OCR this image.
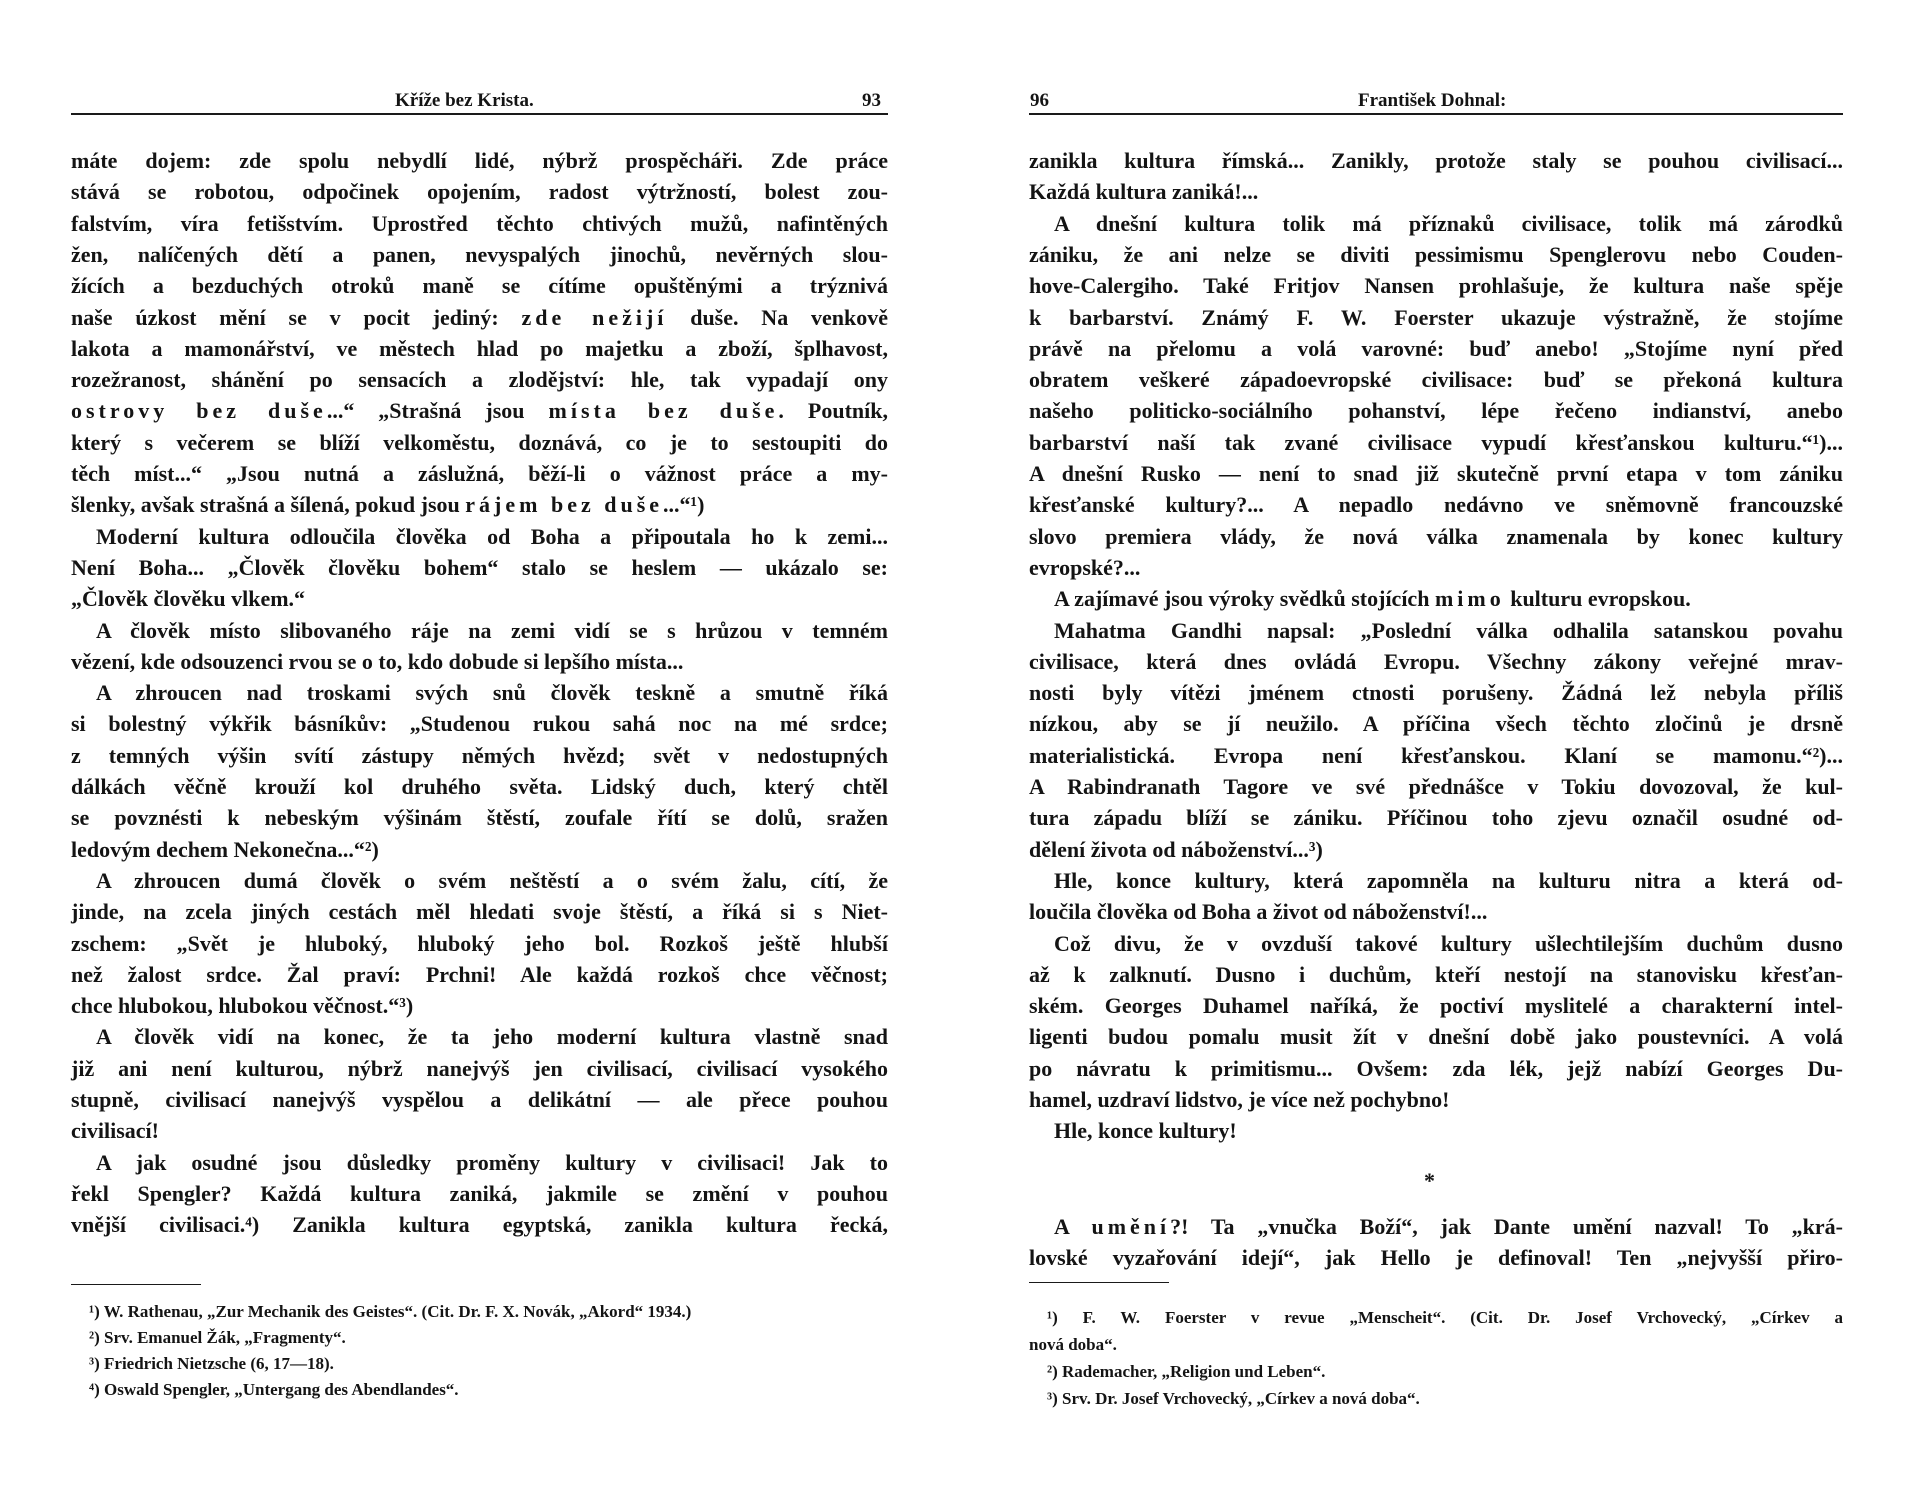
Kříže bez Krista.	93
máte dojem: zde spolu nebydlí lidé, nýbrž prospěcháři. Zde práce
stává se robotou, odpočinek opojením, radost výtržností, bolest zou-
falstvím, víra fetišstvím. Uprostřed těchto chtivých mužů, nafintěných
žen, nalíčených dětí a panen, nevyspalých jinochů, nevěrných slou-
žících a bezduchých otroků maně se cítíme opuštěnými a trýznivá
naše úzkost mění se v pocit jediný: zde nežijí duše. Na venkově
lakota a mamonářství, ve městech hlad po majetku a zboží, šplhavost,
rozežranost, shánění po sensacích a zlodějství: hle, tak vypadají ony
ostrovy bez duše...“ „Strašná jsou místa bez duše. Poutník,
který s večerem se blíží velkoměstu, doznává, co je to sestoupiti do
těch míst...“ „Jsou nutná a záslužná, běží-li o vážnost práce a my-
šlenky, avšak strašná a šílená, pokud jsou rájem bez duše...“¹)
Moderní kultura odloučila člověka od Boha a připoutala ho k zemi...
Není Boha... „Člověk člověku bohem“ stalo se heslem — ukázalo se:
„Člověk člověku vlkem.“
A člověk místo slibovaného ráje na zemi vidí se s hrůzou v temném
vězení, kde odsouzenci rvou se o to, kdo dobude si lepšího místa...
A zhroucen nad troskami svých snů člověk teskně a smutně říká
si bolestný výkřik básníkův: „Studenou rukou sahá noc na mé srdce;
z temných výšin svítí zástupy němých hvězd; svět v nedostupných
dálkách věčně krouží kol druhého světa. Lidský duch, který chtěl
se povznésti k nebeským výšinám štěstí, zoufale řítí se dolů, sražen
ledovým dechem Nekonečna...“²)
A zhroucen dumá člověk o svém neštěstí a o svém žalu, cítí, že
jinde, na zcela jiných cestách měl hledati svoje štěstí, a říká si s Niet-
zschem: „Svět je hluboký, hluboký jeho bol. Rozkoš ještě hlubší
než žalost srdce. Žal praví: Prchni! Ale každá rozkoš chce věčnost;
chce hlubokou, hlubokou věčnost.“³)
A člověk vidí na konec, že ta jeho moderní kultura vlastně snad
již ani není kulturou, nýbrž nanejvýš jen civilisací, civilisací vysokého
stupně, civilisací nanejvýš vyspělou a delikátní — ale přece pouhou
civilisací!
A jak osudné jsou důsledky proměny kultury v civilisaci! Jak to
řekl Spengler? Každá kultura zaniká, jakmile se změní v pouhou
vnější civilisaci.⁴) Zanikla kultura egyptská, zanikla kultura řecká,
¹) W. Rathenau, „Zur Mechanik des Geistes“. (Cit. Dr. F. X. Novák, „Akord“ 1934.)
²) Srv. Emanuel Žák, „Fragmenty“.
³) Friedrich Nietzsche (6, 17—18).
⁴) Oswald Spengler, „Untergang des Abendlandes“.
96	František Dohnal:
zanikla kultura římská... Zanikly, protože staly se pouhou civilisací...
Každá kultura zaniká!...
A dnešní kultura tolik má příznaků civilisace, tolik má zárodků
zániku, že ani nelze se diviti pessimismu Spenglerovu nebo Couden-
hove-Calergiho. Také Fritjov Nansen prohlašuje, že kultura naše spěje
k barbarství. Známý F. W. Foerster ukazuje výstražně, že stojíme
právě na přelomu a volá varovné: buď anebo! „Stojíme nyní před
obratem veškeré západoevropské civilisace: buď se překoná kultura
našeho politicko-sociálního pohanství, lépe řečeno indianství, anebo
barbarství naší tak zvané civilisace vypudí křesťanskou kulturu.“¹)...
A dnešní Rusko — není to snad již skutečně první etapa v tom zániku
křesťanské kultury?... A nepadlo nedávno ve sněmovně francouzské
slovo premiera vlády, že nová válka znamenala by konec kultury
evropské?...
A zajímavé jsou výroky svědků stojících mimo kulturu evropskou.
Mahatma Gandhi napsal: „Poslední válka odhalila satanskou povahu
civilisace, která dnes ovládá Evropu. Všechny zákony veřejné mrav-
nosti byly vítězi jménem ctnosti porušeny. Žádná lež nebyla příliš
nízkou, aby se jí neužilo. A příčina všech těchto zločinů je drsně
materialistická. Evropa není křesťanskou. Klaní se mamonu.“²)...
A Rabindranath Tagore ve své přednášce v Tokiu dovozoval, že kul-
tura západu blíží se zániku. Příčinou toho zjevu označil osudné od-
dělení života od náboženství...³)
Hle, konce kultury, která zapomněla na kulturu nitra a která od-
loučila člověka od Boha a život od náboženství!...
Což divu, že v ovzduší takové kultury ušlechtilejším duchům dusno
až k zalknutí. Dusno i duchům, kteří nestojí na stanovisku křesťan-
ském. Georges Duhamel naříká, že poctiví myslitelé a charakterní intel-
ligenti budou pomalu musit žít v dnešní době jako poustevníci. A volá
po návratu k primitismu... Ovšem: zda lék, jejž nabízí Georges Du-
hamel, uzdraví lidstvo, je více než pochybno!
Hle, konce kultury!
*
A umění?! Ta „vnučka Boží“, jak Dante umění nazval! To „krá-
lovské vyzařování idejí“, jak Hello je definoval! Ten „nejvyšší přiro-
¹) F. W. Foerster v revue „Menscheit“. (Cit. Dr. Josef Vrchovecký, „Církev a
nová doba“.
²) Rademacher, „Religion und Leben“.
³) Srv. Dr. Josef Vrchovecký, „Církev a nová doba“.
